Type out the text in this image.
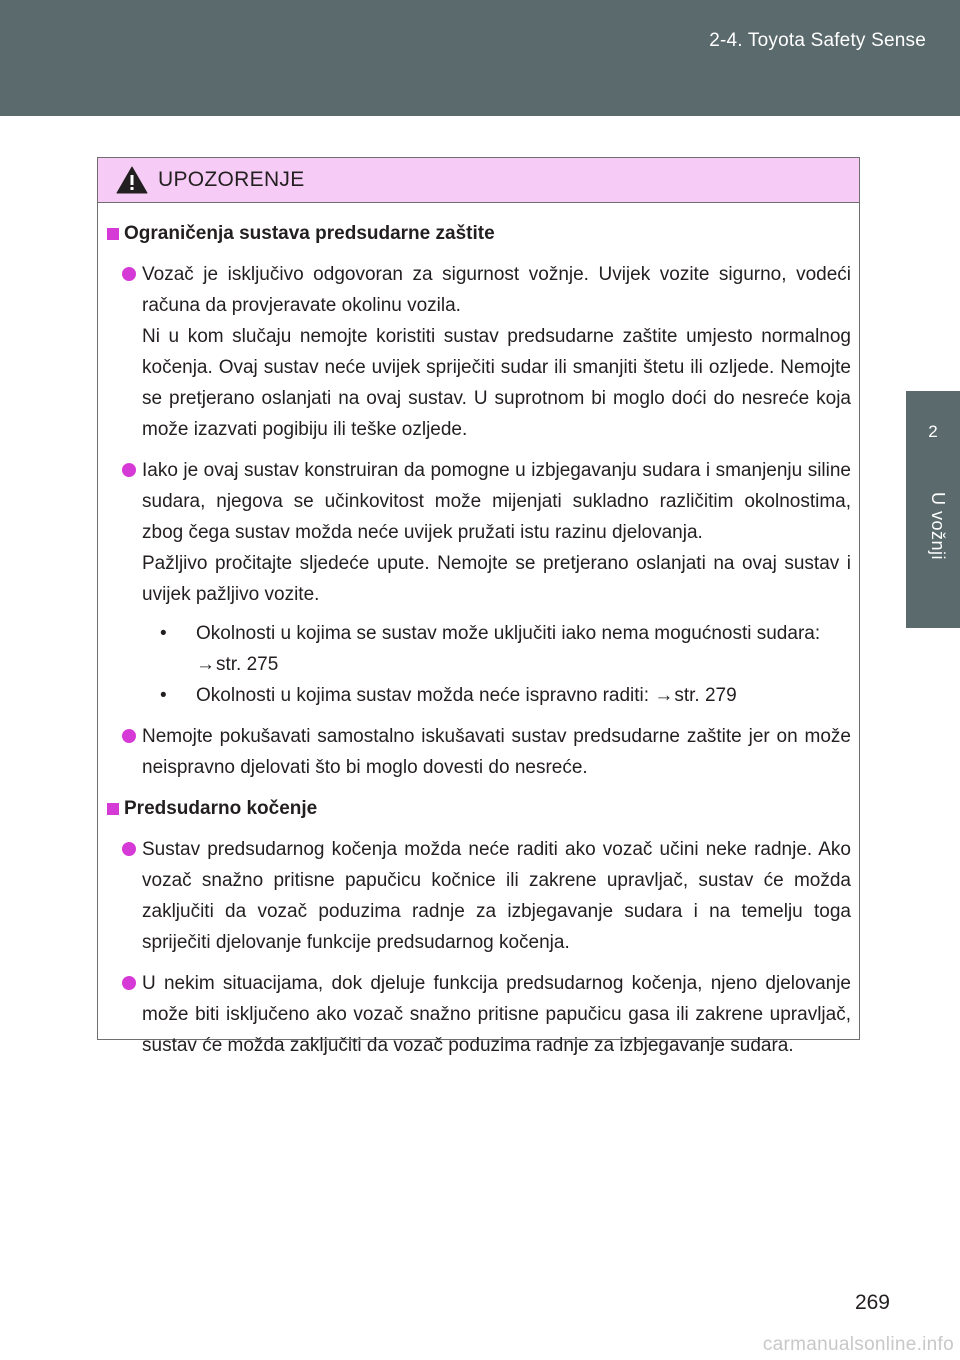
2-4. Toyota Safety Sense
2
U vožnji
UPOZORENJE
Ograničenja sustava predsudarne zaštite
Vozač je isključivo odgovoran za sigurnost vožnje. Uvijek vozite sigurno, vodeći računa da provjeravate okolinu vozila.
Ni u kom slučaju nemojte koristiti sustav predsudarne zaštite umjesto normalnog kočenja. Ovaj sustav neće uvijek spriječiti sudar ili smanjiti štetu ili ozljede. Nemojte se pretjerano oslanjati na ovaj sustav. U suprotnom bi moglo doći do nesreće koja može izazvati pogibiju ili teške ozljede.
Iako je ovaj sustav konstruiran da pomogne u izbjegavanju sudara i smanjenju siline sudara, njegova se učinkovitost može mijenjati sukladno različitim okolnostima, zbog čega sustav možda neće uvijek pružati istu razinu djelovanja.
Pažljivo pročitajte sljedeće upute. Nemojte se pretjerano oslanjati na ovaj sustav i uvijek pažljivo vozite.
• Okolnosti u kojima se sustav može uključiti iako nema mogućnosti sudara: →str. 275
• Okolnosti u kojima sustav možda neće ispravno raditi: →str. 279
Nemojte pokušavati samostalno iskušavati sustav predsudarne zaštite jer on može neispravno djelovati što bi moglo dovesti do nesreće.
Predsudarno kočenje
Sustav predsudarnog kočenja možda neće raditi ako vozač učini neke radnje. Ako vozač snažno pritisne papučicu kočnice ili zakrene upravljač, sustav će možda zaključiti da vozač poduzima radnje za izbjegavanje sudara i na temelju toga spriječiti djelovanje funkcije predsudarnog kočenja.
U nekim situacijama, dok djeluje funkcija predsudarnog kočenja, njeno djelovanje može biti isključeno ako vozač snažno pritisne papučicu gasa ili zakrene upravljač, sustav će možda zaključiti da vozač poduzima radnje za izbjegavanje sudara.
269
carmanualsonline.info
